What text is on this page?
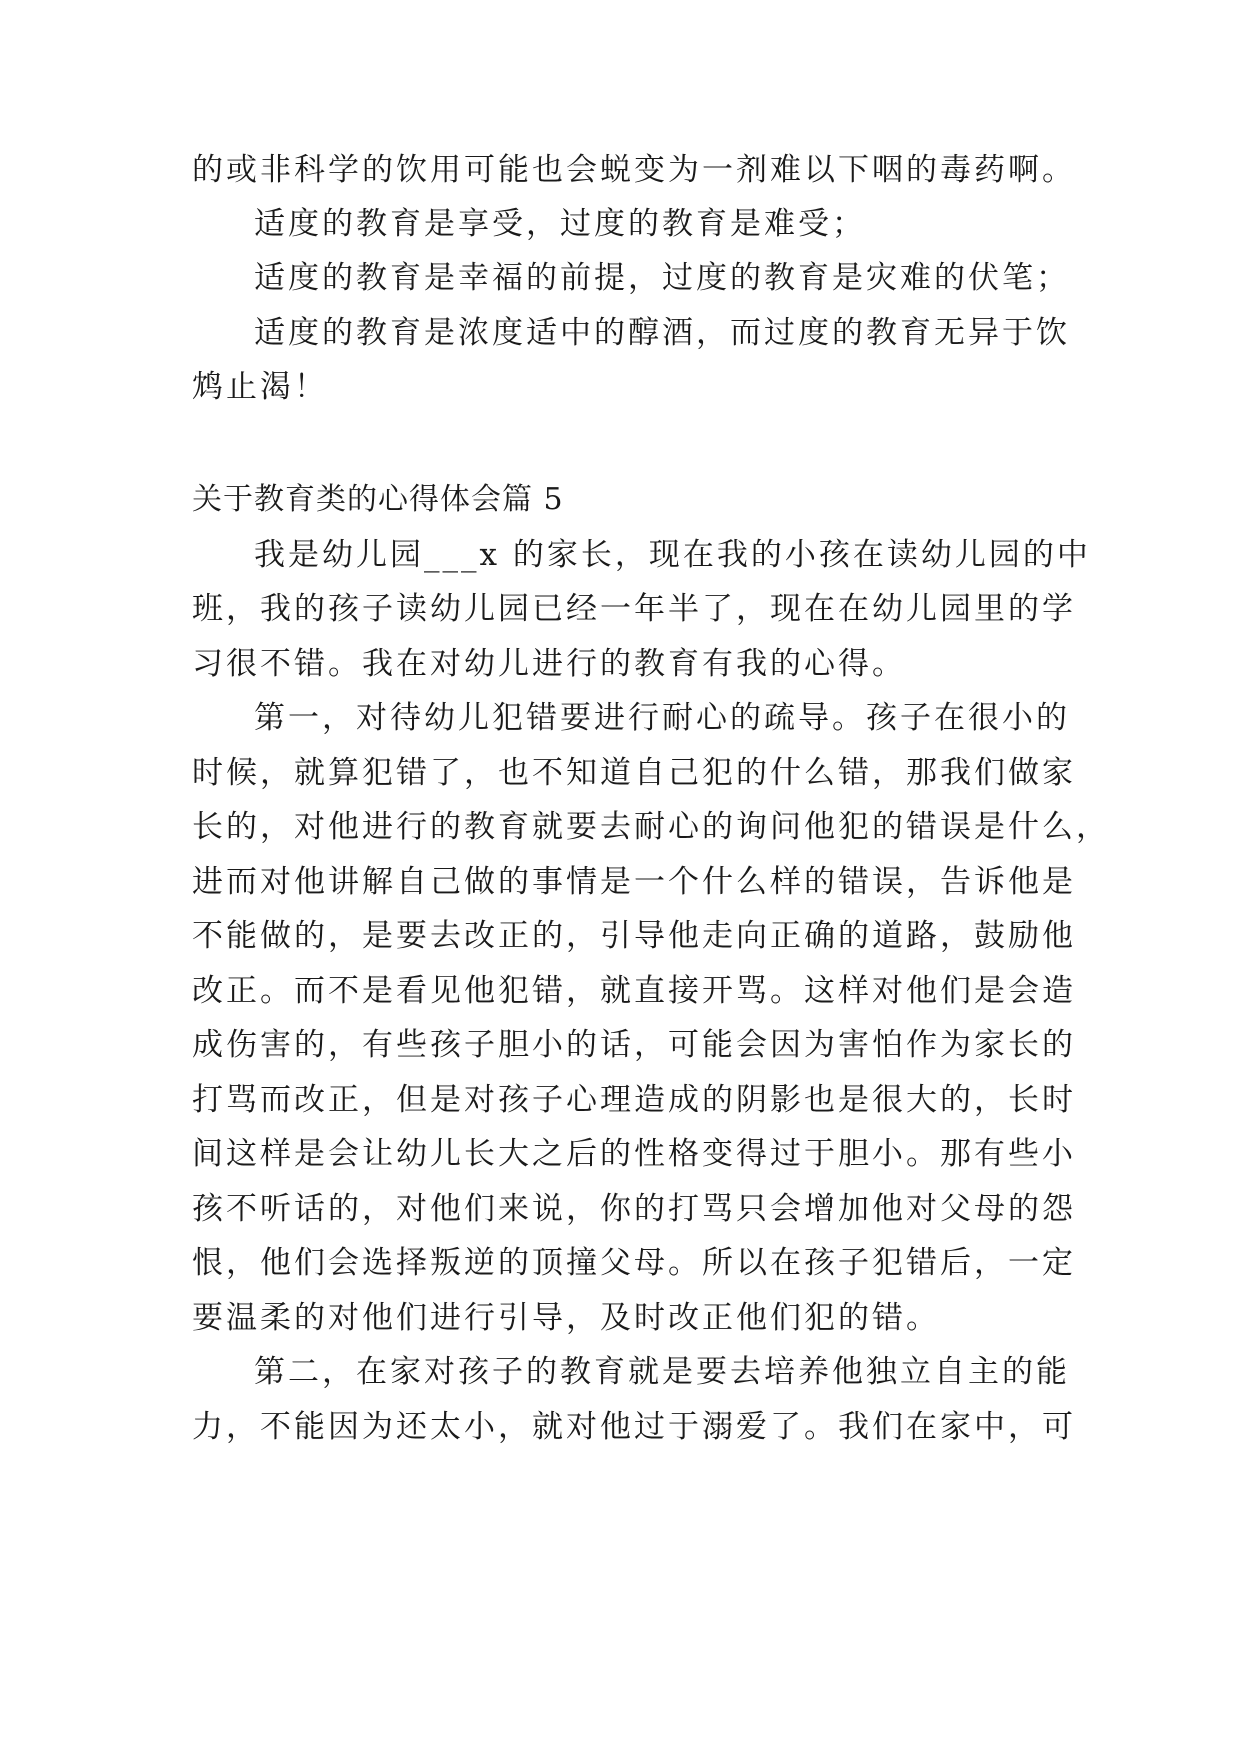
的或非科学的饮用可能也会蜕变为一剂难以下咽的毒药啊。
适度的教育是享受，过度的教育是难受；
适度的教育是幸福的前提，过度的教育是灾难的伏笔；
适度的教育是浓度适中的醇酒，而过度的教育无异于饮
鸩止渴！
关于教育类的心得体会篇 5
我是幼儿园___x 的家长，现在我的小孩在读幼儿园的中
班，我的孩子读幼儿园已经一年半了，现在在幼儿园里的学
习很不错。我在对幼儿进行的教育有我的心得。
第一，对待幼儿犯错要进行耐心的疏导。孩子在很小的
时候，就算犯错了，也不知道自己犯的什么错，那我们做家
长的，对他进行的教育就要去耐心的询问他犯的错误是什么，
进而对他讲解自己做的事情是一个什么样的错误，告诉他是
不能做的，是要去改正的，引导他走向正确的道路，鼓励他
改正。而不是看见他犯错，就直接开骂。这样对他们是会造
成伤害的，有些孩子胆小的话，可能会因为害怕作为家长的
打骂而改正，但是对孩子心理造成的阴影也是很大的，长时
间这样是会让幼儿长大之后的性格变得过于胆小。那有些小
孩不听话的，对他们来说，你的打骂只会增加他对父母的怨
恨，他们会选择叛逆的顶撞父母。所以在孩子犯错后，一定
要温柔的对他们进行引导，及时改正他们犯的错。
第二，在家对孩子的教育就是要去培养他独立自主的能
力，不能因为还太小，就对他过于溺爱了。我们在家中，可
